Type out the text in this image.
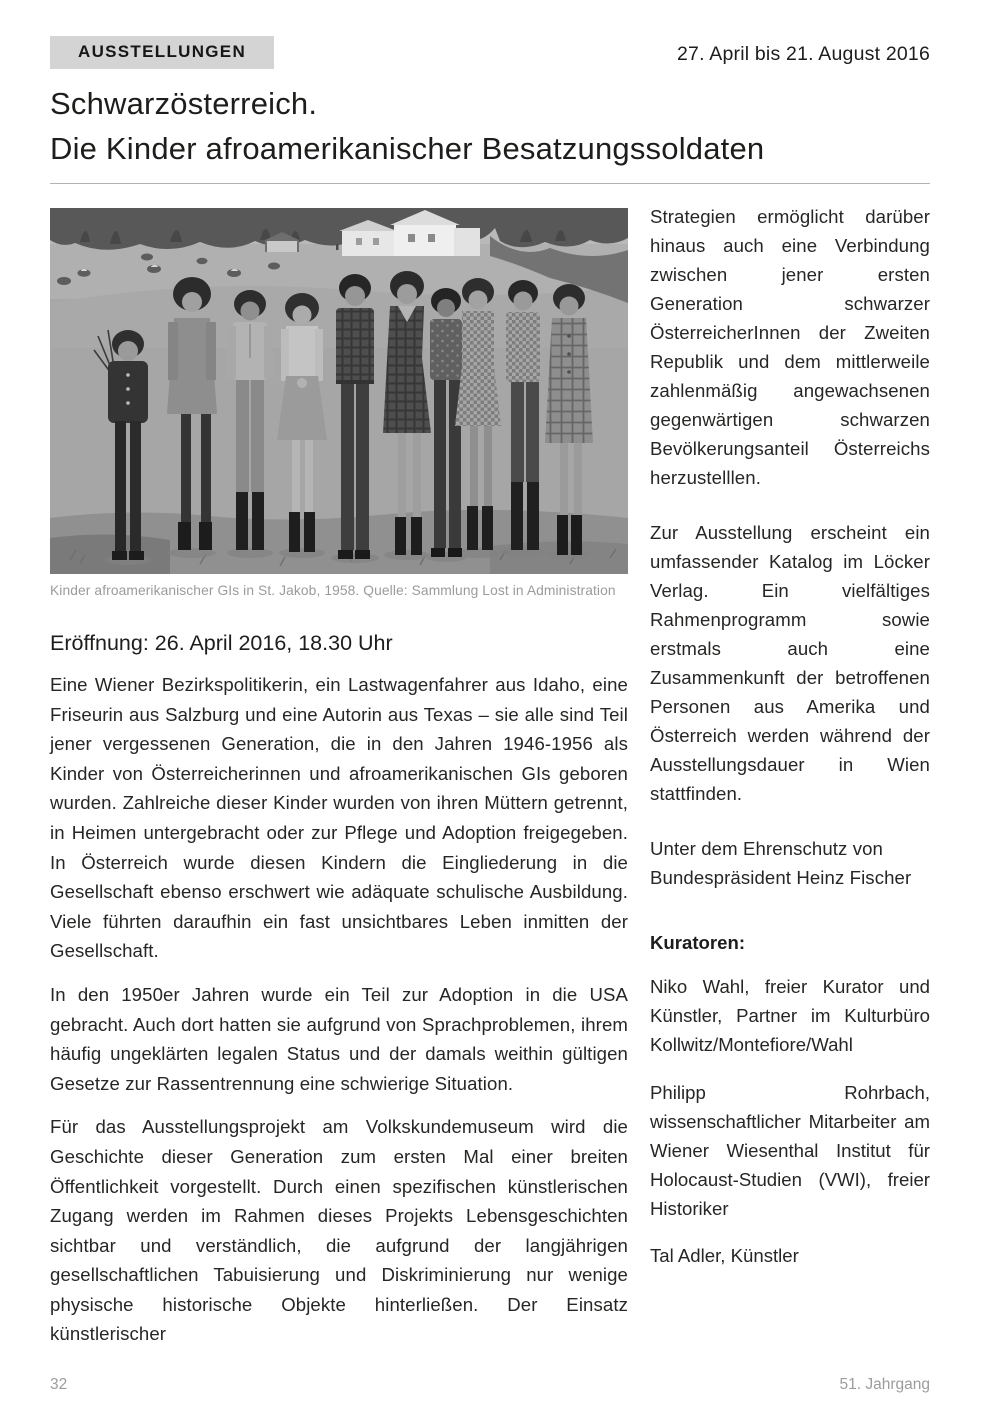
AUSSTELLUNGEN	27. April bis 21. August 2016
Schwarzösterreich.
Die Kinder afroamerikanischer Besatzungssoldaten
Kinder afroamerikanischer GIs in St. Jakob, 1958. Quelle: Sammlung Lost in Administration
Eröffnung: 26. April 2016, 18.30 Uhr

Eine Wiener Bezirkspolitikerin, ein Lastwagenfahrer aus Idaho, eine Friseurin aus Salzburg und eine Autorin aus Texas – sie alle sind Teil jener vergessenen Generation, die in den Jahren 1946-1956 als Kinder von Österreicherinnen und afroamerikanischen GIs geboren wurden. Zahlreiche dieser Kinder wurden von ihren Müttern getrennt, in Heimen untergebracht oder zur Pflege und Adoption freigegeben. In Österreich wurde diesen Kindern die Eingliederung in die Gesellschaft ebenso erschwert wie adäquate schulische Ausbildung. Viele führten daraufhin ein fast unsichtbares Leben inmitten der Gesellschaft.

In den 1950er Jahren wurde ein Teil zur Adoption in die USA gebracht. Auch dort hatten sie aufgrund von Sprachproblemen, ihrem häufig ungeklärten legalen Status und der damals weithin gültigen Gesetze zur Rassentrennung eine schwierige Situation.

Für das Ausstellungsprojekt am Volkskundemuseum wird die Geschichte dieser Generation zum ersten Mal einer breiten Öffentlichkeit vorgestellt. Durch einen spezifischen künstlerischen Zugang werden im Rahmen dieses Projekts Lebensgeschichten sichtbar und verständlich, die aufgrund der langjährigen gesellschaftlichen Tabuisierung und Diskriminierung nur wenige physische historische Objekte hinterließen. Der Einsatz künstlerischer

Strategien ermöglicht darüber hinaus auch eine Verbindung zwischen jener ersten Generation schwarzer ÖsterreicherInnen der Zweiten Republik und dem mittlerweile zahlenmäßig angewachsenen gegenwärtigen schwarzen Bevölkerungsanteil Österreichs herzustelllen.

Zur Ausstellung erscheint ein umfassender Katalog im Löcker Verlag. Ein vielfältiges Rahmenprogramm sowie erstmals auch eine Zusammenkunft der betroffenen Personen aus Amerika und Österreich werden während der Ausstellungsdauer in Wien stattfinden.

Unter dem Ehrenschutz von Bundespräsident Heinz Fischer

Kuratoren:

Niko Wahl, freier Kurator und Künstler, Partner im Kulturbüro Kollwitz/Montefiore/Wahl

Philipp Rohrbach, wissenschaftlicher Mitarbeiter am Wiener Wiesenthal Institut für Holocaust-Studien (VWI), freier Historiker

Tal Adler, Künstler

32	51. Jahrgang
